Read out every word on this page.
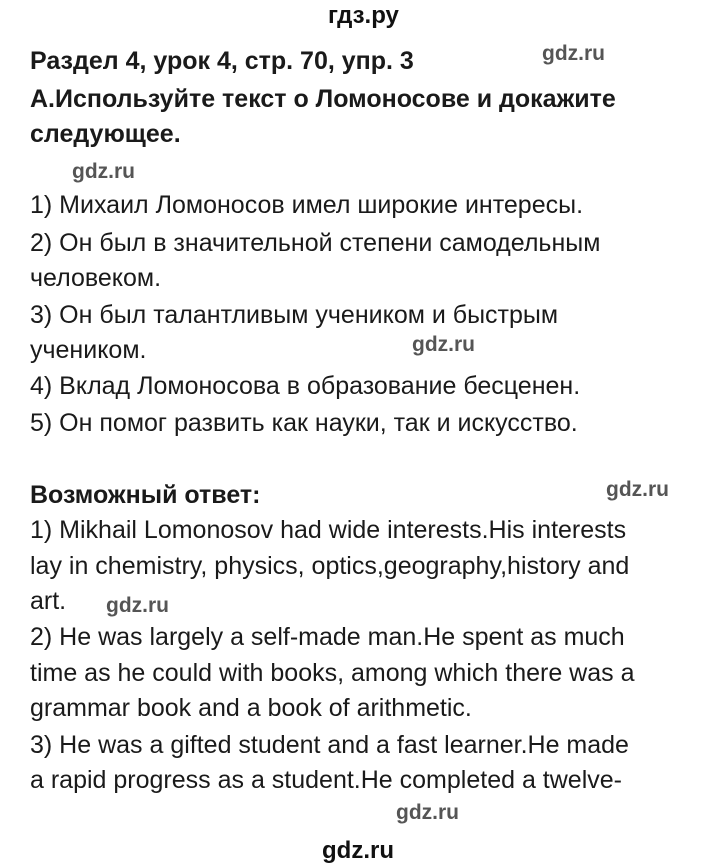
гдз.ру
Раздел 4, урок 4, стр. 70, упр. 3	gdz.ru
А.Используйте текст о Ломоносове и докажите
следующее.
gdz.ru
1) Михаил Ломоносов имел широкие интересы.
2) Он был в значительной степени самодельным
человеком.
3) Он был талантливым учеником и быстрым
учеником.	gdz.ru
4) Вклад Ломоносова в образование бесценен.
5) Он помог развить как науки, так и искусство.
Возможный ответ:	gdz.ru
1) Mikhail Lomonosov had wide interests.His interests
lay in chemistry, physics, optics,geography,history and
art. gdz.ru
2) He was largely a self-made man.He spent as much
time as he could with books, among which there was a
grammar book and a book of arithmetic.
3) He was a gifted student and a fast learner.He made
a rapid progress as a student.He completed a twelve-
gdz.ru
gdz.ru
